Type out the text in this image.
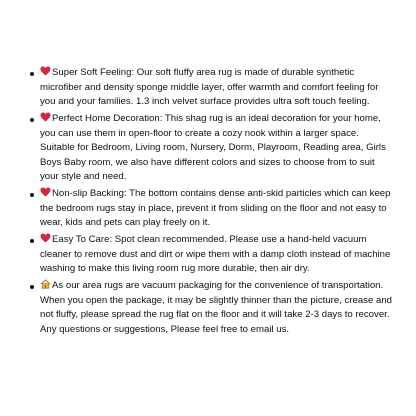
Super Soft Feeling: Our soft fluffy area rug is made of durable synthetic microfiber and density sponge middle layer, offer warmth and comfort feeling for you and your families. 1.3 inch velvet surface provides ultra soft touch feeling.
Perfect Home Decoration: This shag rug is an ideal decoration for your home, you can use them in open-floor to create a cozy nook within a larger space. Suitable for Bedroom, Living room, Nursery, Dorm, Playroom, Reading area, Girls Boys Baby room, we also have different colors and sizes to choose from to suit your style and need.
Non-slip Backing: The bottom contains dense anti-skid particles which can keep the bedroom rugs stay in place, prevent it from sliding on the floor and not easy to wear, kids and pets can play freely on it.
Easy To Care: Spot clean recommended. Please use a hand-held vacuum cleaner to remove dust and dirt or wipe them with a damp cloth instead of machine washing to make this living room rug more durable, then air dry.
As our area rugs are vacuum packaging for the convenience of transportation. When you open the package, it may be slightly thinner than the picture, crease and not fluffy, please spread the rug flat on the floor and it will take 2-3 days to recover. Any questions or suggestions, Please feel free to email us.
